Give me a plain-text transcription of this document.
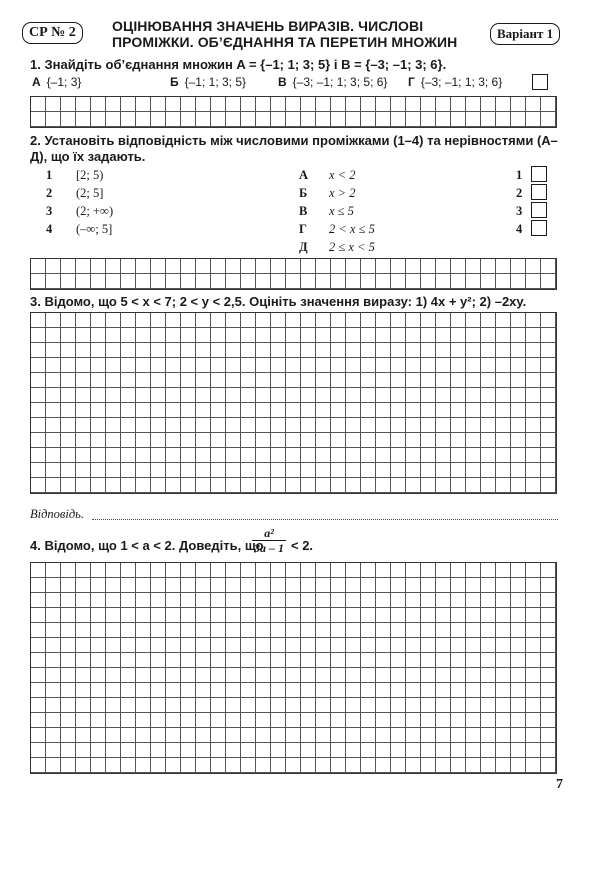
СР № 2	ОЦІНЮВАННЯ ЗНАЧЕНЬ ВИРАЗІВ. ЧИСЛОВІ ПРОМІЖКИ. ОБ’ЄДНАННЯ ТА ПЕРЕТИН МНОЖИН
Варіант 1
1. Знайдіть об’єднання множин A = {–1; 1; 3; 5} і B = {–3; –1; 3; 6}.
А {–1; 3}	Б {–1; 1; 3; 5}	В {–3; –1; 1; 3; 5; 6} Г {–3; –1; 1; 3; 6}
2. Установіть відповідність між числовими проміжками (1–4) та нерівностями (А–Д), що їх задають.
1 [2; 5)
2 (2; 5]
3 (2; +∞)
4 (–∞; 5]
А x < 2
Б x > 2
В x ≤ 5
Г 2 < x ≤ 5
Д 2 ≤ x < 5
1
2
3
4
3. Відомо, що 5 < x < 7; 2 < y < 2,5. Оцініть значення виразу: 1) 4x + y²; 2) –2xy.
Відповідь.
4. Відомо, що 1 < a < 2. Доведіть, що
$\frac{\text{a²}}{3a - 1} < 2$.
7
